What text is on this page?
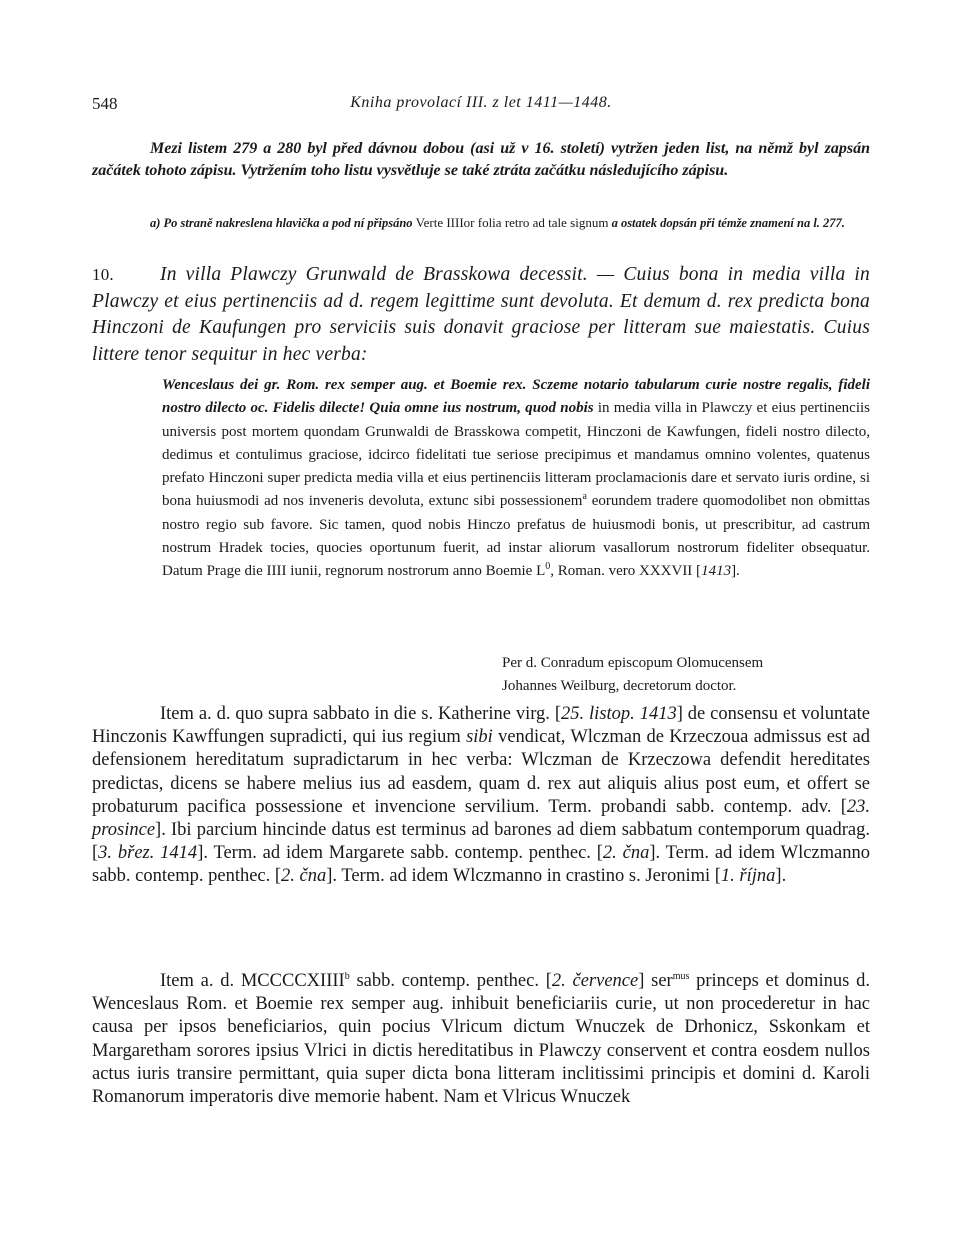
548	Kniha provolací III. z let 1411—1448.
Mezi listem 279 a 280 byl před dávnou dobou (asi už v 16. století) vytržen jeden list, na němž byl zapsán začátek tohoto zápisu. Vytržením toho listu vysvětluje se také ztráta začátku následujícího zápisu.
a) Po straně nakreslena hlavička a pod ní připsáno Verte IIIIor folia retro ad tale signum a ostatek dopsán při témže znamení na l. 277.
10. In villa Plawczy Grunwald de Brasskowa decessit. — Cuius bona in media villa in Plawczy et eius pertinenciis ad d. regem legittime sunt devoluta. Et demum d. rex predicta bona Hinczoni de Kaufungen pro serviciis suis donavit graciose per litteram sue maiestatis. Cuius littere tenor sequitur in hec verba:
Wenceslaus dei gr. Rom. rex semper aug. et Boemie rex. Sczeme notario tabularum curie nostre regalis, fideli nostro dilecto oc. Fidelis dilecte! Quia omne ius nostrum, quod nobis in media villa in Plawczy et eius pertinenciis universis post mortem quondam Grunwaldi de Brasskowa competit, Hinczoni de Kawfungen, fideli nostro dilecto, dedimus et contulimus graciose, idcirco fidelitati tue seriose precipimus et mandamus omnino volentes, quatenus prefato Hinczoni super predicta media villa et eius pertinenciis litteram proclamacionis dare et servato iuris ordine, si bona huiusmodi ad nos inveneris devoluta, extunc sibi possessionem$^a$ eorundem tradere quomodolibet non obmittas nostro regio sub favore. Sic tamen, quod nobis Hinczo prefatus de huiusmodi bonis, ut prescribitur, ad castrum nostrum Hradek tocies, quocies oportunum fuerit, ad instar aliorum vasallorum nostrorum fideliter obsequatur. Datum Prage die IIII iunii, regnorum nostrorum anno Boemie $L^0$, Roman. vero XXXVII [1413].
Per d. Conradum episcopum Olomucensem
Johannes Weilburg, decretorum doctor.
Item a. d. quo supra sabbato in die s. Katherine virg. [25. listop. 1413] de consensu et voluntate Hinczonis Kawffungen supradicti, qui ius regium sibi vendicat, Wlczman de Krzeczoua admissus est ad defensionem hereditatum supradictarum in hec verba: Wlczman de Krzeczowa defendit hereditates predictas, dicens se habere melius ius ad easdem, quam d. rex aut aliquis alius post eum, et offert se probaturum pacifica possessione et invencione servilium. Term. probandi sabb. contemp. adv. [23. prosince]. Ibi parcium hincinde datus est terminus ad barones ad diem sabbatum contemporum quadrag. [3. břez. 1414]. Term. ad idem Margarete sabb. contemp. penthec. [2. čna]. Term. ad idem Wlczmanno sabb. contemp. penthec. [2. čna]. Term. ad idem Wlczmanno in crastino s. Jeronimi [1. října].
Item a. d. MCCCCXIIII$^b$ sabb. contemp. penthec. [2. července] ser$^{mus}$ princeps et dominus d. Wenceslaus Rom. et Boemie rex semper aug. inhibuit beneficiariis curie, ut non procederetur in hac causa per ipsos beneficiarios, quin pocius Vlricum dictum Wnuczek de Drhonicz, Sskonkam et Margaretham sorores ipsius Vlrici in dictis hereditatibus in Plawczy conservent et contra eosdem nullos actus iuris transire permittant, quia super dicta bona litteram inclitissimi principis et domini d. Karoli Romanorum imperatoris dive memorie habent. Nam et Vlricus Wnuczek
